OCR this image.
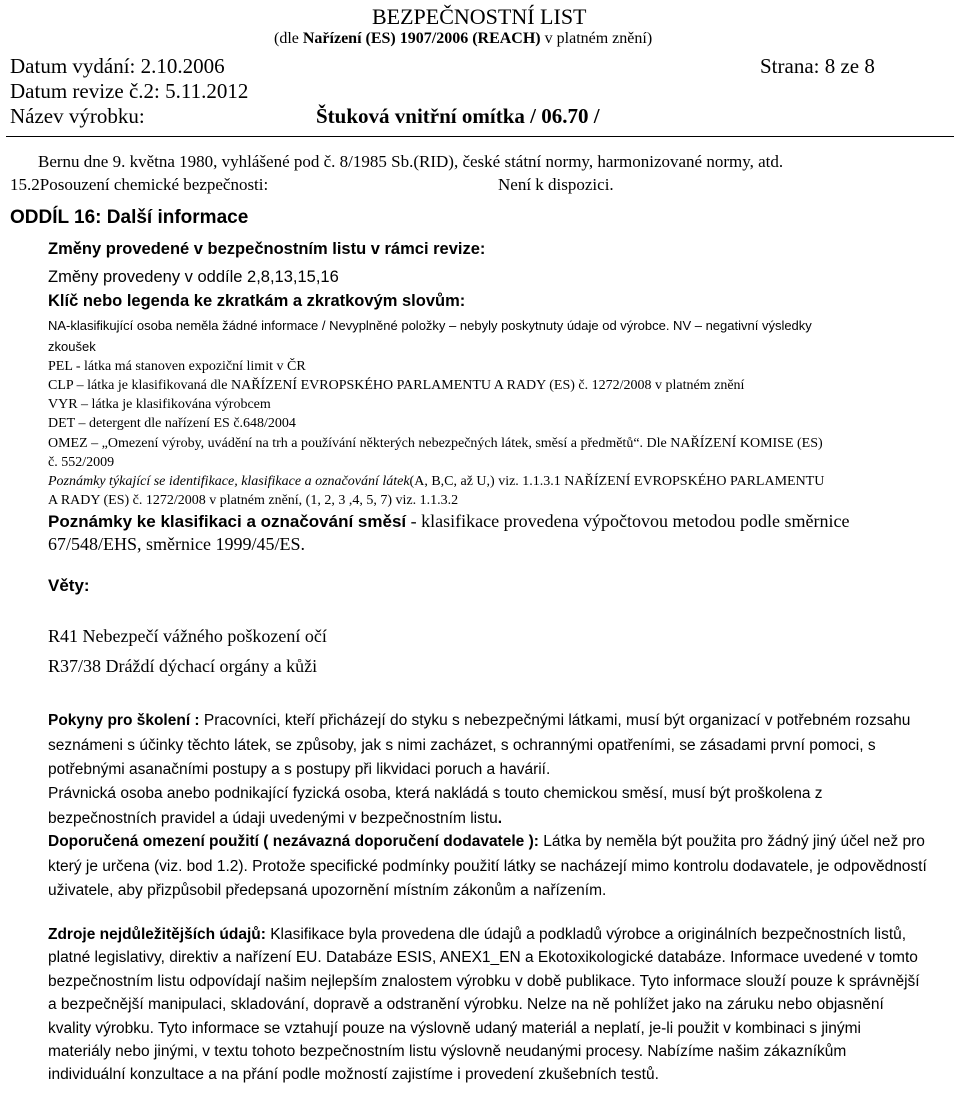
BEZPEČNOSTNÍ LIST
(dle Nařízení (ES) 1907/2006 (REACH) v platném znění)
Datum vydání: 2.10.2006	Strana: 8 ze 8
Datum revize č.2: 5.11.2012
Název výrobku:	Štuková vnitřní omítka / 06.70 /
Bernu dne 9. května 1980, vyhlášené pod č. 8/1985 Sb.(RID), české státní normy, harmonizované normy, atd.
15.2Posouzení chemické bezpečnosti:	Není k dispozici.
ODDÍL 16: Další informace
Změny provedené v bezpečnostním listu v rámci revize:
Změny provedeny v oddíle 2,8,13,15,16
Klíč nebo legenda ke zkratkám a zkratkovým slovům:
NA-klasifikující osoba neměla žádné informace / Nevyplněné položky – nebyly poskytnuty údaje od výrobce. NV – negativní výsledky
zkoušek
PEL - látka má stanoven expoziční limit v ČR
CLP – látka je klasifikovaná dle NAŘÍZENÍ EVROPSKÉHO PARLAMENTU A RADY (ES) č. 1272/2008 v platném znění
VYR – látka je klasifikována výrobcem
DET – detergent dle nařízení ES č.648/2004
OMEZ – „Omezení výroby, uvádění na trh a používání některých nebezpečných látek, směsí a předmětů“. Dle NAŘÍZENÍ KOMISE (ES)
č. 552/2009
Poznámky týkající se identifikace, klasifikace a označování látek(A, B,C, až U,) viz. 1.1.3.1 NAŘÍZENÍ EVROPSKÉHO PARLAMENTU
A RADY (ES) č. 1272/2008 v platném znění, (1, 2, 3 ,4, 5, 7) viz. 1.1.3.2
Poznámky ke klasifikaci a označování směsí - klasifikace provedena výpočtovou metodou podle směrnice
67/548/EHS, směrnice 1999/45/ES.
Věty:
R41 Nebezpečí vážného poškození očí
R37/38 Dráždí dýchací orgány a kůži
Pokyny pro školení : Pracovníci, kteří přicházejí do styku s nebezpečnými látkami, musí být organizací v potřebném rozsahu seznámeni s účinky těchto látek, se způsoby, jak s nimi zacházet, s ochrannými opatřeními, se zásadami první pomoci, s potřebnými asanačními postupy a s postupy při likvidaci poruch a havárií.
Právnická osoba anebo podnikající fyzická osoba, která nakládá s touto chemickou směsí, musí být proškolena z bezpečnostních pravidel a údaji uvedenými v bezpečnostním listu.
Doporučená omezení použití ( nezávazná doporučení dodavatele ): Látka by neměla být použita pro žádný jiný účel než pro který je určena (viz. bod 1.2). Protože specifické podmínky použití látky se nacházejí mimo kontrolu dodavatele, je odpovědností uživatele, aby přizpůsobil předepsaná upozornění místním zákonům a nařízením.
Zdroje nejdůležitějších údajů: Klasifikace byla provedena dle údajů a podkladů výrobce a originálních bezpečnostních listů, platné legislativy, direktiv a nařízení EU. Databáze ESIS, ANEX1_EN a Ekotoxikologické databáze. Informace uvedené v tomto bezpečnostním listu odpovídají našim nejlepším znalostem výrobku v době publikace. Tyto informace slouží pouze k správnější a bezpečnější manipulaci, skladování, dopravě a odstranění výrobku. Nelze na ně pohlížet jako na záruku nebo objasnění kvality výrobku. Tyto informace se vztahují pouze na výslovně udaný materiál a neplatí, je-li použit v kombinaci s jinými materiály nebo jinými, v textu tohoto bezpečnostním listu výslovně neudanými procesy. Nabízíme našim zákazníkům individuální konzultace a na přání podle možností zajistíme i provedení zkušebních testů.
